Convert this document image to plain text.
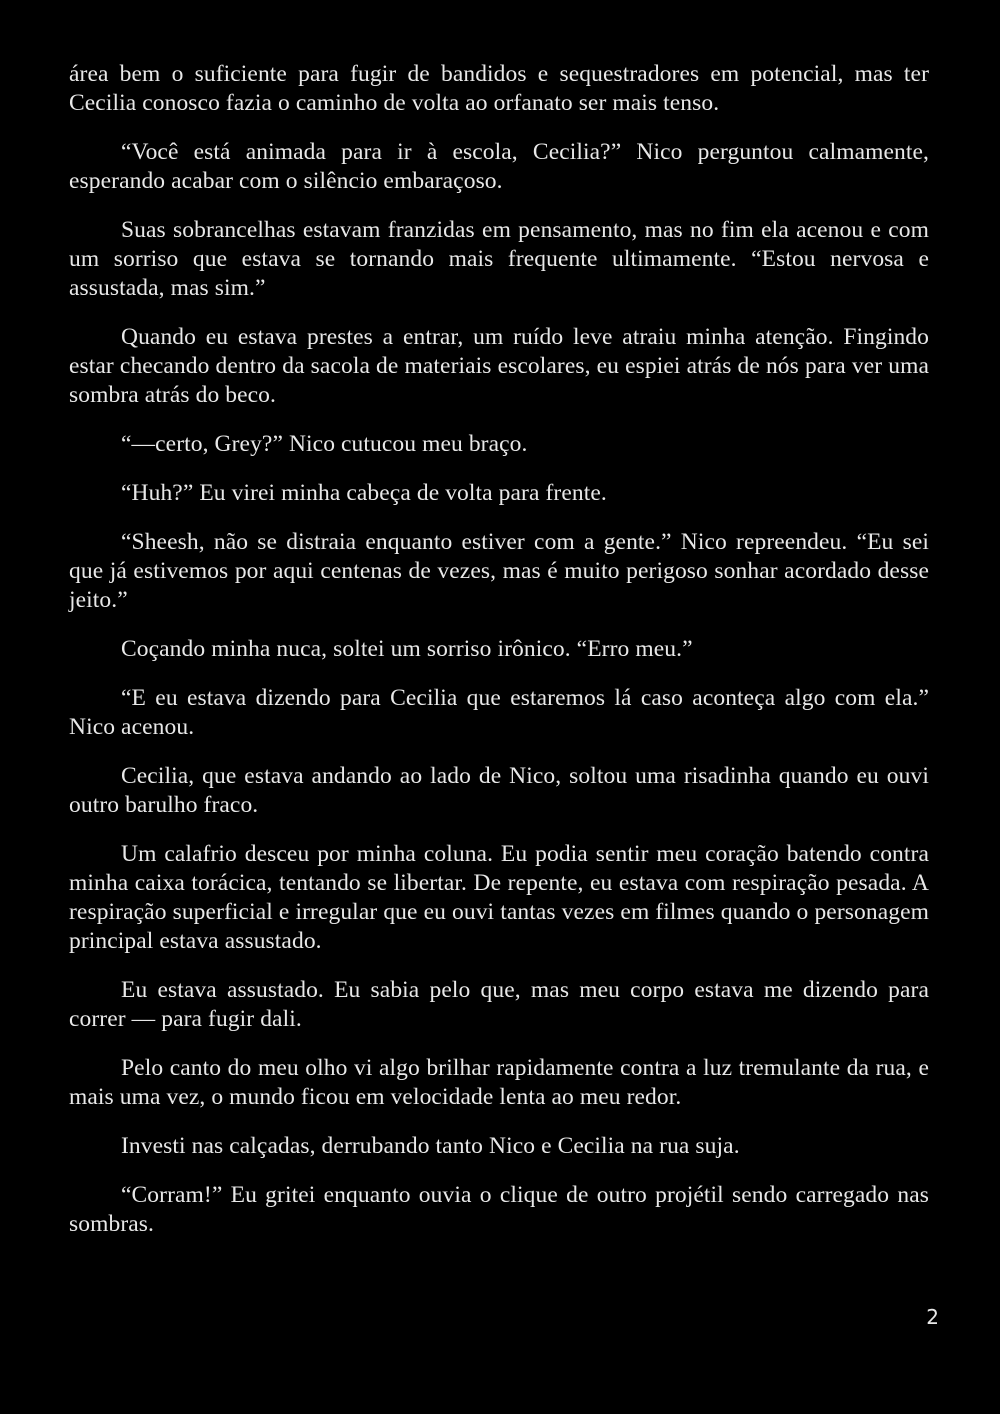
área bem o suficiente para fugir de bandidos e sequestradores em potencial, mas ter Cecilia conosco fazia o caminho de volta ao orfanato ser mais tenso.

“Você está animada para ir à escola, Cecilia?” Nico perguntou calmamente, esperando acabar com o silêncio embaraçoso.

Suas sobrancelhas estavam franzidas em pensamento, mas no fim ela acenou e com um sorriso que estava se tornando mais frequente ultimamente. “Estou nervosa e assustada, mas sim.”

Quando eu estava prestes a entrar, um ruído leve atraiu minha atenção. Fingindo estar checando dentro da sacola de materiais escolares, eu espiei atrás de nós para ver uma sombra atrás do beco.

“—certo, Grey?” Nico cutucou meu braço.

“Huh?” Eu virei minha cabeça de volta para frente.

“Sheesh, não se distraia enquanto estiver com a gente.” Nico repreendeu. “Eu sei que já estivemos por aqui centenas de vezes, mas é muito perigoso sonhar acordado desse jeito.”

Coçando minha nuca, soltei um sorriso irônico. “Erro meu.”

“E eu estava dizendo para Cecilia que estaremos lá caso aconteça algo com ela.” Nico acenou.

Cecilia, que estava andando ao lado de Nico, soltou uma risadinha quando eu ouvi outro barulho fraco.

Um calafrio desceu por minha coluna. Eu podia sentir meu coração batendo contra minha caixa torácica, tentando se libertar. De repente, eu estava com respiração pesada. A respiração superficial e irregular que eu ouvi tantas vezes em filmes quando o personagem principal estava assustado.

Eu estava assustado. Eu sabia pelo que, mas meu corpo estava me dizendo para correr — para fugir dali.

Pelo canto do meu olho vi algo brilhar rapidamente contra a luz tremulante da rua, e mais uma vez, o mundo ficou em velocidade lenta ao meu redor.

Investi nas calçadas, derrubando tanto Nico e Cecilia na rua suja.

“Corram!” Eu gritei enquanto ouvia o clique de outro projétil sendo carregado nas sombras.

2
